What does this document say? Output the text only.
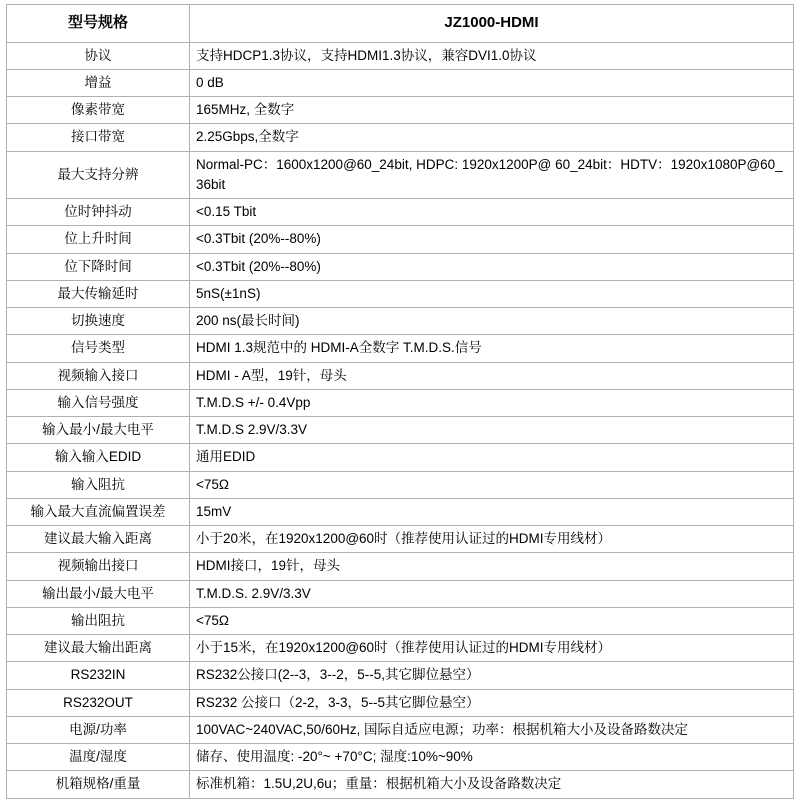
型号规格	JZ1000-HDMI
协议	支持HDCP1.3协议，支持HDMI1.3协议，兼容DVI1.0协议
增益	0 dB
像素带宽	165MHz, 全数字
接口带宽	2.25Gbps,全数字
最大支持分辨	Normal-PC：1600x1200@60_24bit, HDPC: 1920x1200P@ 60_24bit：HDTV：1920x1080P@60_36bit
位时钟抖动	<0.15 Tbit
位上升时间	<0.3Tbit (20%--80%)
位下降时间	<0.3Tbit (20%--80%)
最大传输延时	5nS(±1nS)
切换速度	200 ns(最长时间)
信号类型	HDMI 1.3规范中的 HDMI-A全数字 T.M.D.S.信号
视频输入接口	HDMI - A型，19针，母头
输入信号强度	T.M.D.S +/- 0.4Vpp
输入最小/最大电平	T.M.D.S 2.9V/3.3V
输入输入EDID	通用EDID
输入阻抗	<75Ω
输入最大直流偏置误差	15mV
建议最大输入距离	小于20米，在1920x1200@60时（推荐使用认证过的HDMI专用线材）
视频输出接口	HDMI接口，19针，母头
输出最小/最大电平	T.M.D.S. 2.9V/3.3V
输出阻抗	<75Ω
建议最大输出距离	小于15米，在1920x1200@60时（推荐使用认证过的HDMI专用线材）
RS232IN	RS232公接口(2--3，3--2，5--5,其它脚位悬空）
RS232OUT	RS232 公接口（2-2，3-3，5--5其它脚位悬空）
电源/功率	100VAC~240VAC,50/60Hz, 国际自适应电源；功率：根据机箱大小及设备路数决定
温度/湿度	储存、使用温度: -20°~ +70°C; 湿度:10%~90%
机箱规格/重量	标准机箱：1.5U,2U,6u；重量：根据机箱大小及设备路数决定
